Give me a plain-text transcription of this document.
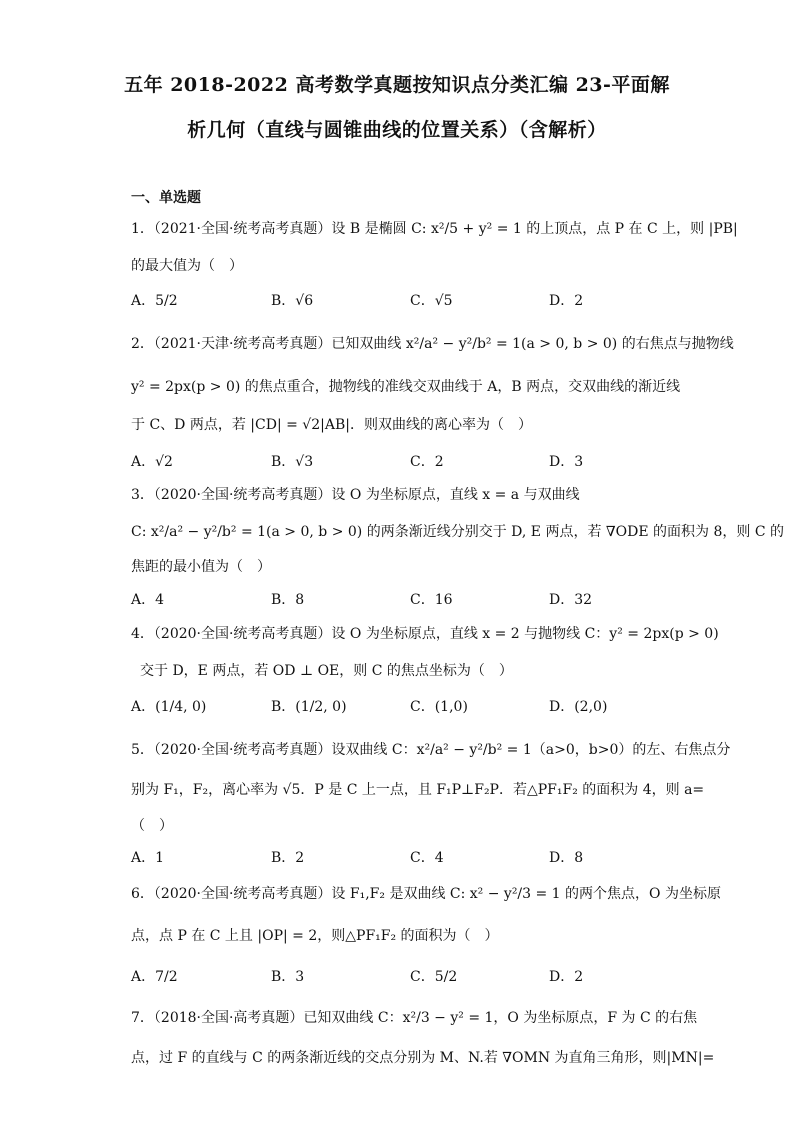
五年 2018-2022 高考数学真题按知识点分类汇编 23-平面解
析几何（直线与圆锥曲线的位置关系）（含解析）
一、单选题
1．（2021·全国·统考高考真题）设 B 是椭圆 C: x²/5 + y² = 1 的上顶点，点 P 在 C 上，则 |PB|
的最大值为（　）
A．5/2	B．√6	C．√5	D．2
2．（2021·天津·统考高考真题）已知双曲线 x²/a² − y²/b² = 1(a > 0, b > 0) 的右焦点与抛物线
y² = 2px(p > 0) 的焦点重合，抛物线的准线交双曲线于 A，B 两点，交双曲线的渐近线
于 C、D 两点，若 |CD| = √2|AB|．则双曲线的离心率为（　）
A．√2	B．√3	C．2	D．3
3．（2020·全国·统考高考真题）设 O 为坐标原点，直线 x = a 与双曲线
C: x²/a² − y²/b² = 1(a > 0, b > 0) 的两条渐近线分别交于 D, E 两点，若 ∇ODE 的面积为 8，则 C 的
焦距的最小值为（　）
A．4	B．8	C．16	D．32
4．（2020·全国·统考高考真题）设 O 为坐标原点，直线 x = 2 与抛物线 C：y² = 2px(p > 0)
交于 D，E 两点，若 OD ⊥ OE，则 C 的焦点坐标为（　）
A．(1/4, 0)	B．(1/2, 0)	C．(1,0)	D．(2,0)
5．（2020·全国·统考高考真题）设双曲线 C：x²/a² − y²/b² = 1（a>0，b>0）的左、右焦点分
别为 F₁，F₂，离心率为 √5．P 是 C 上一点，且 F₁P⊥F₂P．若△PF₁F₂ 的面积为 4，则 a=
（　）
A．1	B．2	C．4	D．8
6．（2020·全国·统考高考真题）设 F₁,F₂ 是双曲线 C: x² − y²/3 = 1 的两个焦点，O 为坐标原
点，点 P 在 C 上且 |OP| = 2，则△PF₁F₂ 的面积为（　）
A．7/2	B．3	C．5/2	D．2
7．（2018·全国·高考真题）已知双曲线 C：x²/3 − y² = 1，O 为坐标原点，F 为 C 的右焦
点，过 F 的直线与 C 的两条渐近线的交点分别为 M、N.若 ∇OMN 为直角三角形，则|MN|=
